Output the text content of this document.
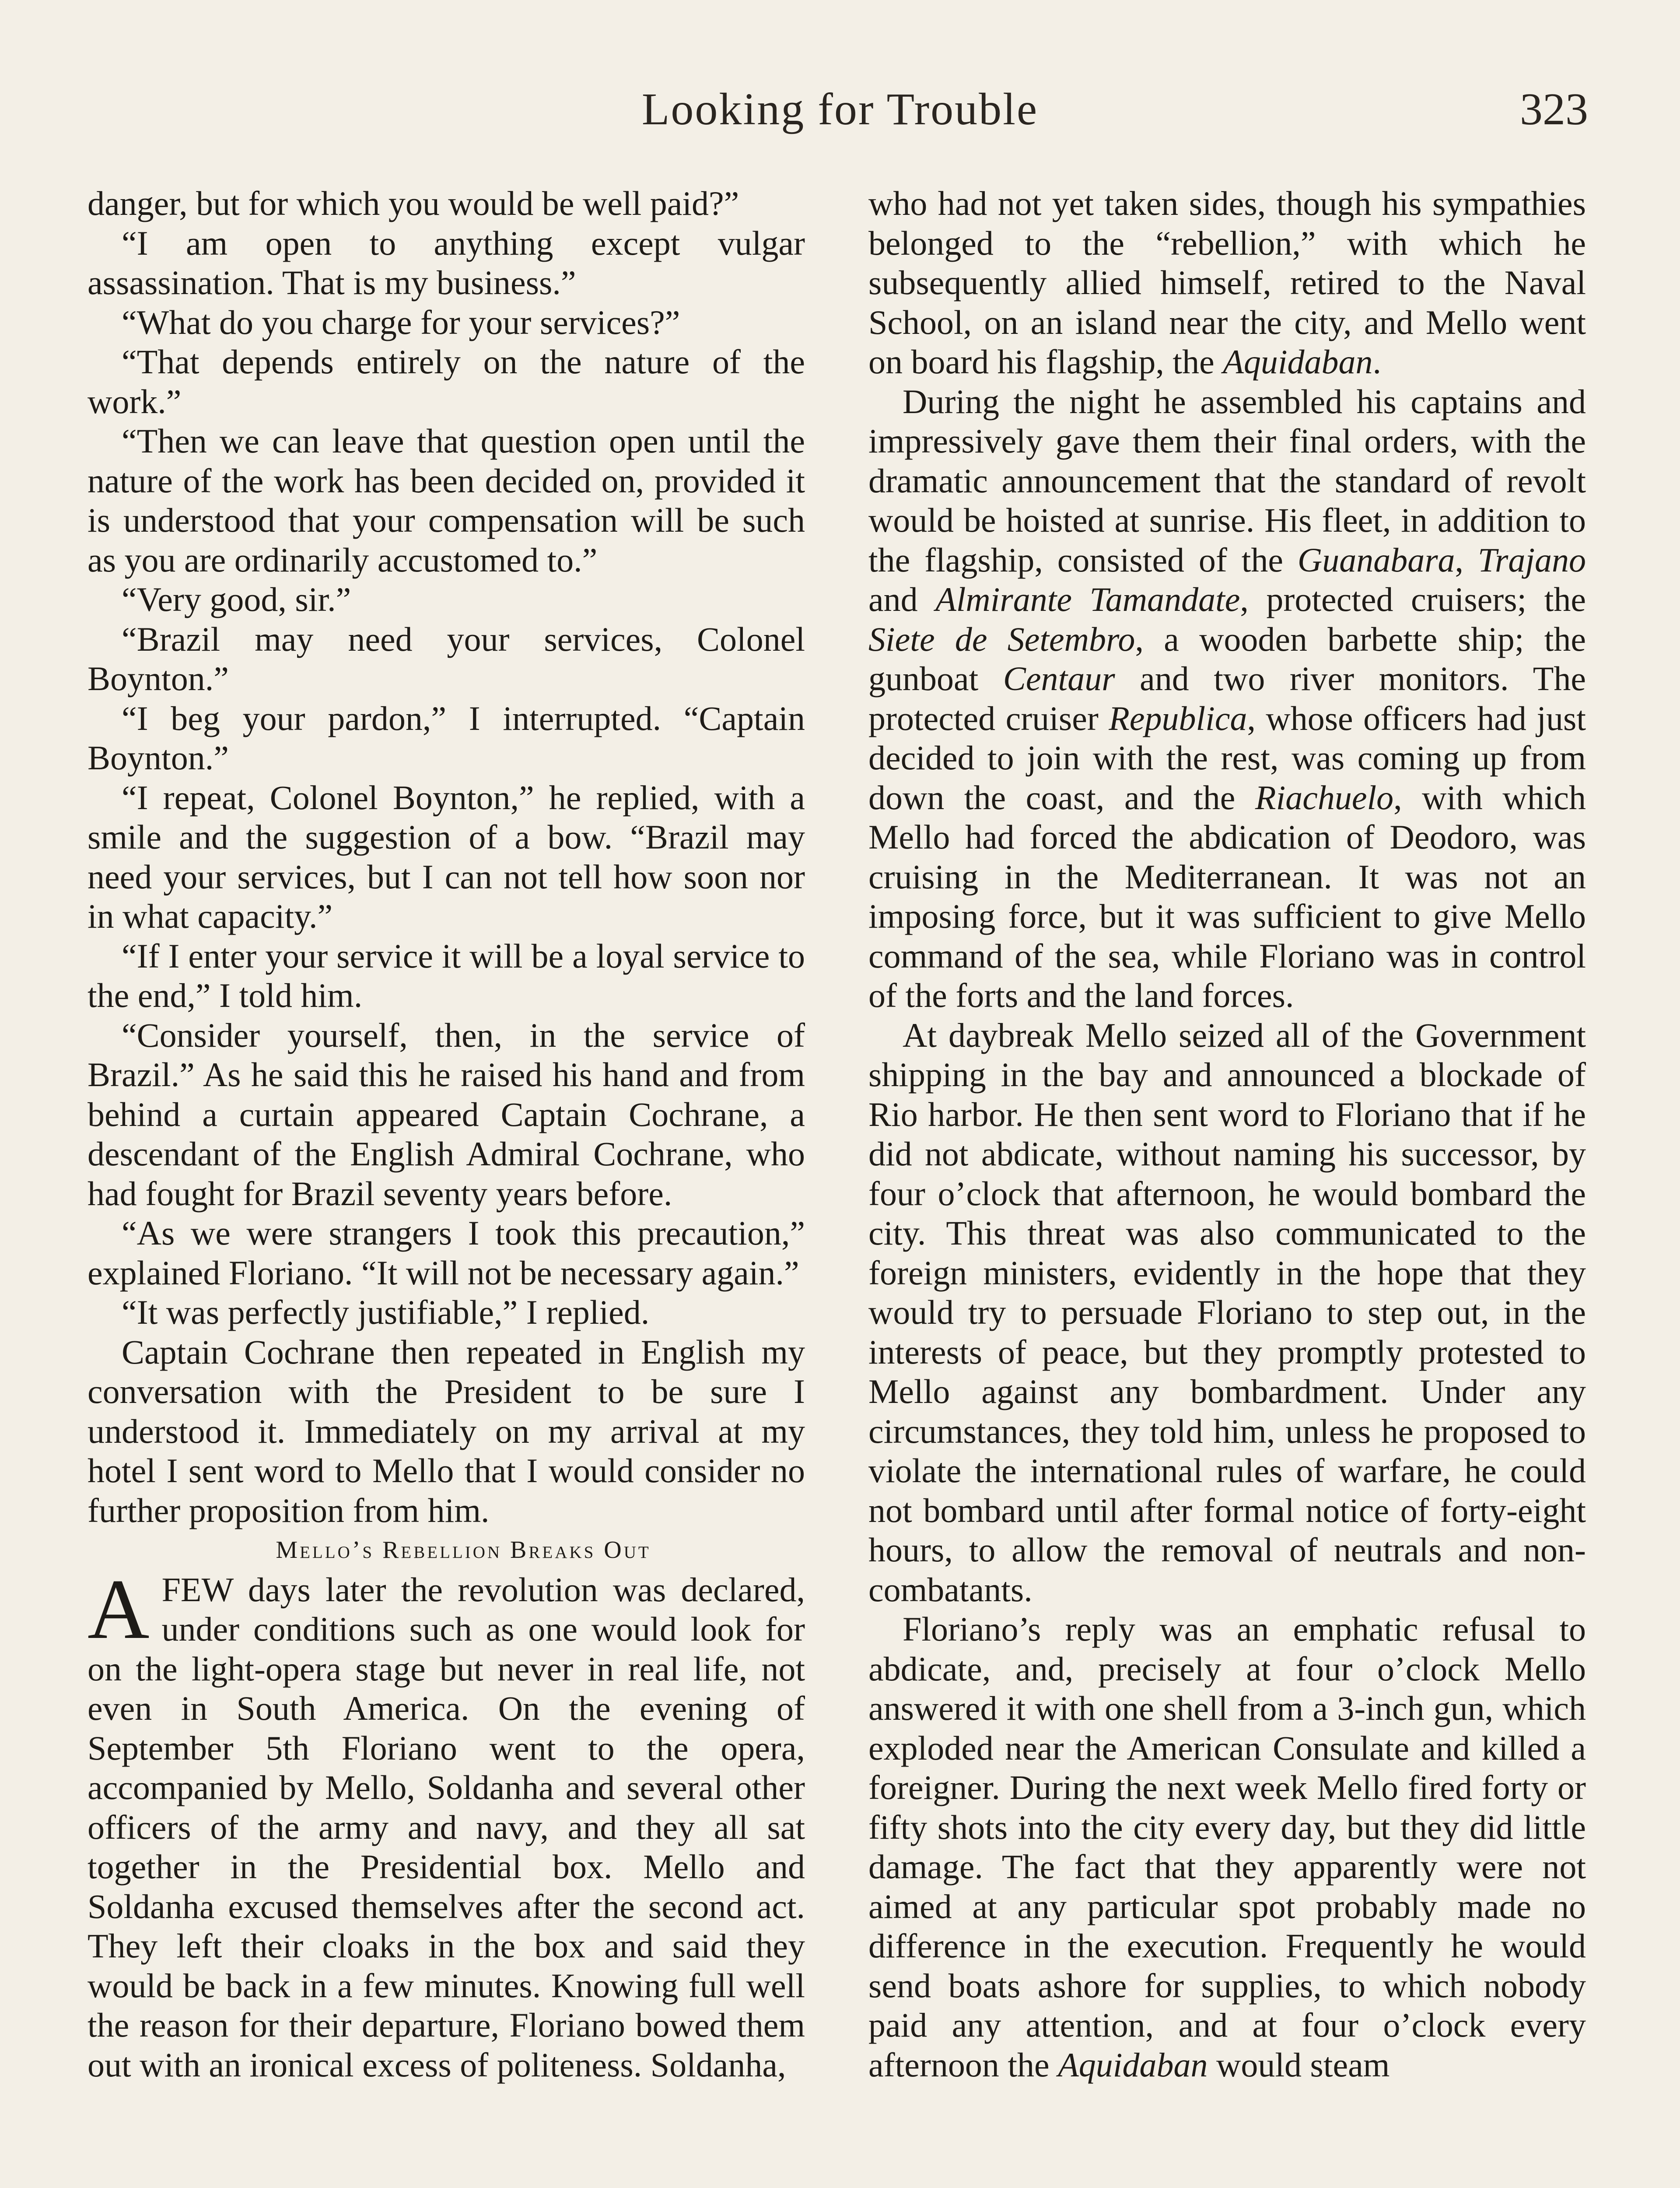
Looking for Trouble	323

danger, but for which you would be well paid?”

“I am open to anything except vulgar assassination. That is my business.”

“What do you charge for your services?”

“That depends entirely on the nature of the work.”

“Then we can leave that question open until the nature of the work has been decided on, provided it is understood that your compensation will be such as you are ordinarily accustomed to.”

“Very good, sir.”

“Brazil may need your services, Colonel Boynton.”

“I beg your pardon,” I interrupted. “Captain Boynton.”

“I repeat, Colonel Boynton,” he replied, with a smile and the suggestion of a bow. “Brazil may need your services, but I can not tell how soon nor in what capacity.”

“If I enter your service it will be a loyal service to the end,” I told him.

“Consider yourself, then, in the service of Brazil.” As he said this he raised his hand and from behind a curtain appeared Captain Cochrane, a descendant of the English Admiral Cochrane, who had fought for Brazil seventy years before.

“As we were strangers I took this precaution,” explained Floriano. “It will not be necessary again.”

“It was perfectly justifiable,” I replied.

Captain Cochrane then repeated in English my conversation with the President to be sure I understood it. Immediately on my arrival at my hotel I sent word to Mello that I would consider no further proposition from him.

Mello’s Rebellion Breaks Out

AFEW days later the revolution was declared, under conditions such as one would look for on the light-opera stage but never in real life, not even in South America. On the evening of September 5th Floriano went to the opera, accompanied by Mello, Soldanha and several other officers of the army and navy, and they all sat together in the Presidential box. Mello and Soldanha excused themselves after the second act. They left their cloaks in the box and said they would be back in a few minutes. Knowing full well the reason for their departure, Floriano bowed them out with an ironical excess of politeness. Soldanha,

who had not yet taken sides, though his sympathies belonged to the “rebellion,” with which he subsequently allied himself, retired to the Naval School, on an island near the city, and Mello went on board his flagship, the Aquidaban.

During the night he assembled his captains and impressively gave them their final orders, with the dramatic announcement that the standard of revolt would be hoisted at sunrise. His fleet, in addition to the flagship, consisted of the Guanabara, Trajano and Almirante Tamandate, protected cruisers; the Siete de Setembro, a wooden barbette ship; the gunboat Centaur and two river monitors. The protected cruiser Republica, whose officers had just decided to join with the rest, was coming up from down the coast, and the Riachuelo, with which Mello had forced the abdication of Deodoro, was cruising in the Mediterranean. It was not an imposing force, but it was sufficient to give Mello command of the sea, while Floriano was in control of the forts and the land forces.

At daybreak Mello seized all of the Government shipping in the bay and announced a blockade of Rio harbor. He then sent word to Floriano that if he did not abdicate, without naming his successor, by four o’clock that afternoon, he would bombard the city. This threat was also communicated to the foreign ministers, evidently in the hope that they would try to persuade Floriano to step out, in the interests of peace, but they promptly protested to Mello against any bombardment. Under any circumstances, they told him, unless he proposed to violate the international rules of warfare, he could not bombard until after formal notice of forty-eight hours, to allow the removal of neutrals and non-combatants.

Floriano’s reply was an emphatic refusal to abdicate, and, precisely at four o’clock Mello answered it with one shell from a 3-inch gun, which exploded near the American Consulate and killed a foreigner. During the next week Mello fired forty or fifty shots into the city every day, but they did little damage. The fact that they apparently were not aimed at any particular spot probably made no difference in the execution. Frequently he would send boats ashore for supplies, to which nobody paid any attention, and at four o’clock every afternoon the Aquidaban would steam
